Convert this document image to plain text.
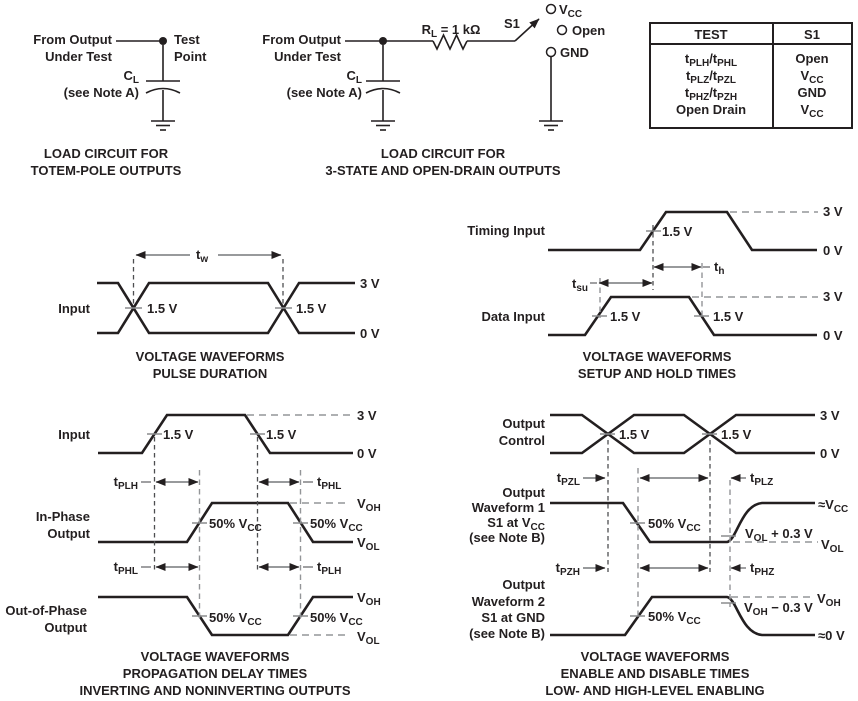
From Output
Under Test
Test
Point
$C_L$
(see Note A)
LOAD CIRCUIT FOR
TOTEM-POLE OUTPUTS
From Output
Under Test
$R_L = 1$ kΩ S1
$V_{CC}$
Open
GND
$C_L$
(see Note A)
LOAD CIRCUIT FOR
3-STATE AND OPEN-DRAIN OUTPUTS
TEST	S1
$t_{PLH}/t_{PHL}$	Open
$t_{PLZ}/t_{PZL}$	$V_{CC}$
$t_{PHZ}/t_{PZH}$	GND
Open Drain	$V_{CC}$
$t_w$
Input	1.5 V	1.5 V
3 V
0 V
VOLTAGE WAVEFORMS
PULSE DURATION
$t_{su}$
$t_h$
Timing Input
Data Input
1.5 V
1.5 V	1.5 V
3 V
0 V
3 V
0 V
VOLTAGE WAVEFORMS
SETUP AND HOLD TIMES
$t_{PLH}$	$t_{PHL}$
$t_{PHL}$	$t_{PLH}$
1.5 V	1.5 V
50% $V_{CC}$	50% $V_{CC}$
50% $V_{CC}$	50% $V_{CC}$
Input
In-Phase
Output
Out-of-Phase
Output
3 V
0 V
$V_{OH}$
$V_{OL}$
$V_{OH}$
$V_{OL}$
VOLTAGE WAVEFORMS
PROPAGATION DELAY TIMES
INVERTING AND NONINVERTING OUTPUTS
$t_{PZL}$	$t_{PLZ}$
$t_{PZH}$	$t_{PHZ}$
1.5 V	1.5 V
50% $V_{CC}$
50% $V_{CC}$
Output
Control
Output
Waveform 1
S1 at $V_{CC}$
(see Note B)
Output
Waveform 2
S1 at GND
(see Note B)
3 V
0 V
$\approx V_{CC}$
$V_{OL} + 0.3$ V
$V_{OL}$
$V_{OH} - 0.3$ V
$V_{OH}$
≈0 V
VOLTAGE WAVEFORMS
ENABLE AND DISABLE TIMES
LOW- AND HIGH-LEVEL ENABLING
